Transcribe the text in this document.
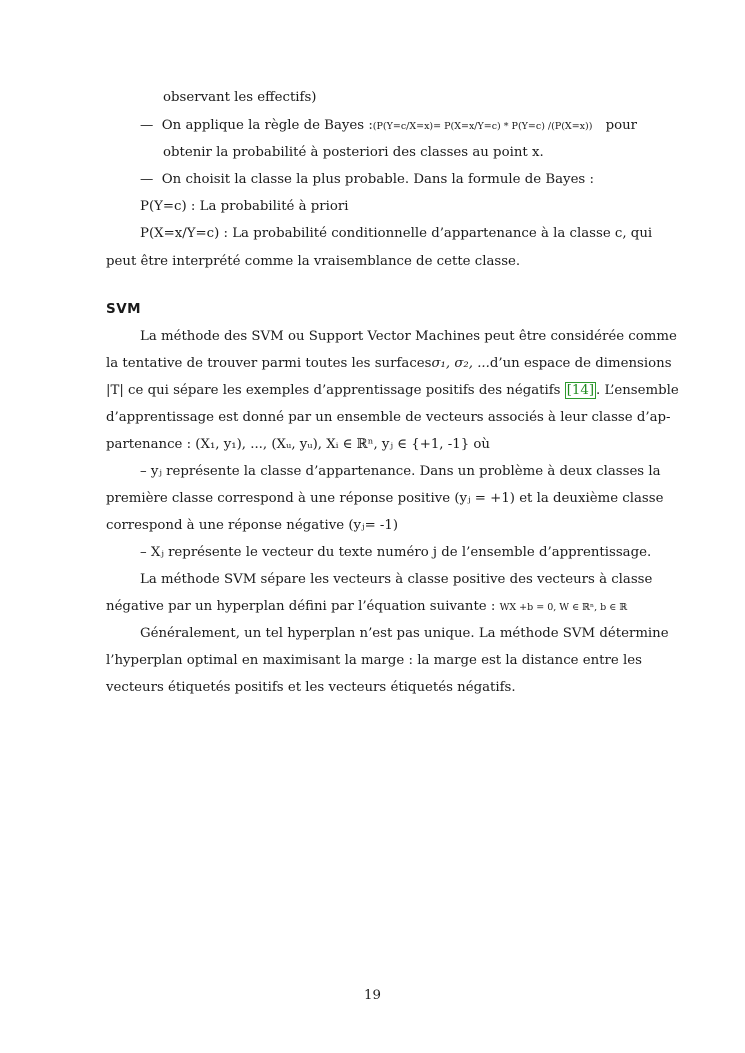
observant les effectifs)
— On applique la règle de Bayes :(P(Y=c/X=x)= P(X=x/Y=c) * P(Y=c) /(P(X=x)) pour
obtenir la probabilité à posteriori des classes au point x.
— On choisit la classe la plus probable. Dans la formule de Bayes :
P(Y=c) : La probabilité à priori
P(X=x/Y=c) : La probabilité conditionnelle d’appartenance à la classe c, qui
peut être interprété comme la vraisemblance de cette classe.
SVM
La méthode des SVM ou Support Vector Machines peut être considérée comme
la tentative de trouver parmi toutes les surfaces σ₁, σ₂, ... d’un espace de dimensions
|T| ce qui sépare les exemples d’apprentissage positifs des négatifs [14] . L’ensemble
d’apprentissage est donné par un ensemble de vecteurs associés à leur classe d’ap-
partenance : (X₁, y₁), ..., (Xᵤ, yᵤ), Xᵢ ∈ ℝⁿ, yⱼ ∈ {+1, -1} où
– yⱼ représente la classe d’appartenance. Dans un problème à deux classes la
première classe correspond à une réponse positive (yⱼ = +1) et la deuxième classe
correspond à une réponse négative (yⱼ= -1)
– Xⱼ représente le vecteur du texte numéro j de l’ensemble d’apprentissage.
La méthode SVM sépare les vecteurs à classe positive des vecteurs à classe
négative par un hyperplan défini par l’équation suivante : WX +b = 0, W ∈ ℝⁿ, b ∈ ℝ
Généralement, un tel hyperplan n’est pas unique. La méthode SVM détermine
l’hyperplan optimal en maximisant la marge : la marge est la distance entre les
vecteurs étiquetés positifs et les vecteurs étiquetés négatifs.
19
